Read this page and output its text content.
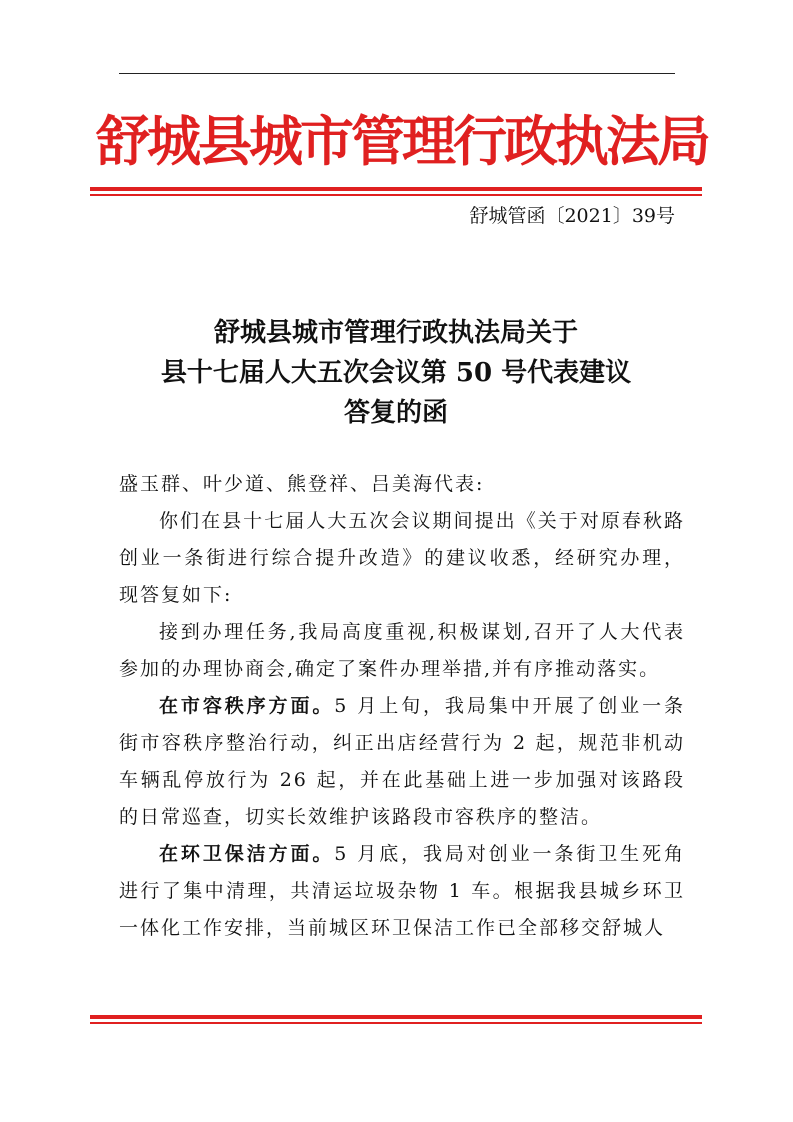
舒城县城市管理行政执法局
舒城管函〔2021〕39号
舒城县城市管理行政执法局关于
县十七届人大五次会议第 50 号代表建议
答复的函

盛玉群、叶少道、熊登祥、吕美海代表:

你们在县十七届人大五次会议期间提出《关于对原春秋路创业一条街进行综合提升改造》的建议收悉，经研究办理，现答复如下:

接到办理任务,我局高度重视,积极谋划,召开了人大代表参加的办理协商会,确定了案件办理举措,并有序推动落实。

在市容秩序方面。5 月上旬，我局集中开展了创业一条街市容秩序整治行动，纠正出店经营行为 2 起，规范非机动车辆乱停放行为 26 起，并在此基础上进一步加强对该路段的日常巡查，切实长效维护该路段市容秩序的整洁。

在环卫保洁方面。5 月底，我局对创业一条街卫生死角进行了集中清理，共清运垃圾杂物 1 车。根据我县城乡环卫一体化工作安排，当前城区环卫保洁工作已全部移交舒城人
